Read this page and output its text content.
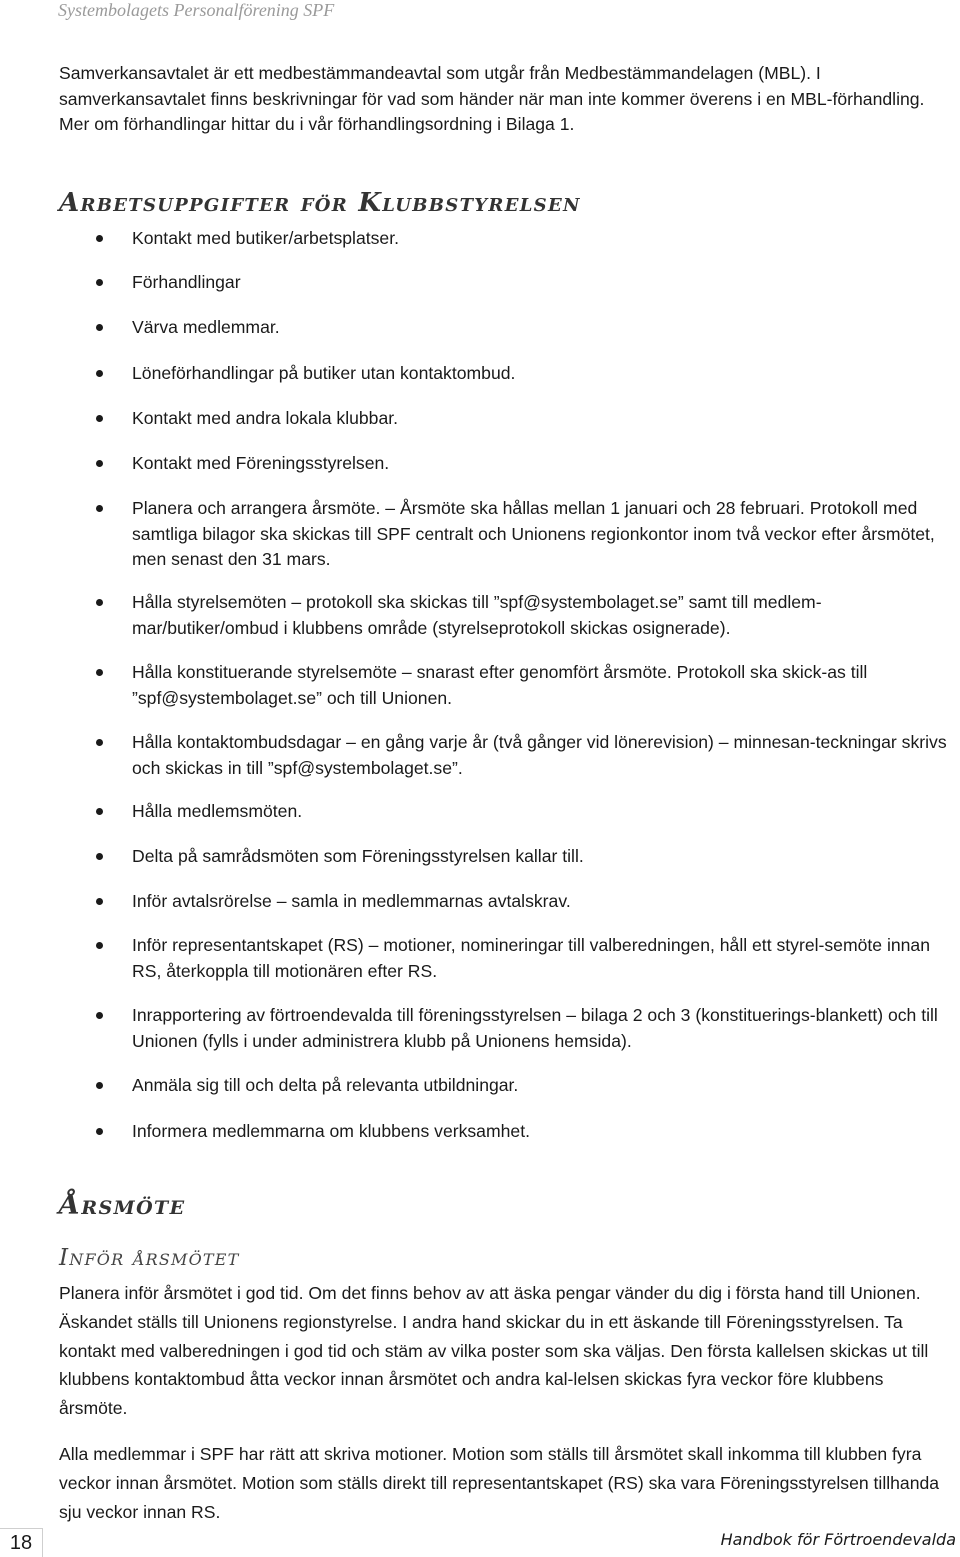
Systembolagets Personalförening SPF

Samverkansavtalet är ett medbestämmandeavtal som utgår från Medbestämmandelagen (MBL). I samverkansavtalet finns beskrivningar för vad som händer när man inte kommer överens i en MBL-förhandling. Mer om förhandlingar hittar du i vår förhandlingsordning i Bilaga 1.

Arbetsuppgifter för Klubbstyrelsen
Kontakt med butiker/arbetsplatser.
Förhandlingar
Värva medlemmar.
Löneförhandlingar på butiker utan kontaktombud.
Kontakt med andra lokala klubbar.
Kontakt med Föreningsstyrelsen.
Planera och arrangera årsmöte. – Årsmöte ska hållas mellan 1 januari och 28 februari. Protokoll med samtliga bilagor ska skickas till SPF centralt och Unionens regionkontor inom två veckor efter årsmötet, men senast den 31 mars.
Hålla styrelsemöten – protokoll ska skickas till ”spf@systembolaget.se” samt till medlem-mar/butiker/ombud i klubbens område (styrelseprotokoll skickas osignerade).
Hålla konstituerande styrelsemöte – snarast efter genomfört årsmöte. Protokoll ska skick-as till ”spf@systembolaget.se” och till Unionen.
Hålla kontaktombudsdagar – en gång varje år (två gånger vid lönerevision) – minnesan-teckningar skrivs och skickas in till ”spf@systembolaget.se”.
Hålla medlemsmöten.
Delta på samrådsmöten som Föreningsstyrelsen kallar till.
Inför avtalsrörelse – samla in medlemmarnas avtalskrav.
Inför representantskapet (RS) – motioner, nomineringar till valberedningen, håll ett styrel-semöte innan RS, återkoppla till motionären efter RS.
Inrapportering av förtroendevalda till föreningsstyrelsen – bilaga 2 och 3 (konstituerings-blankett) och till Unionen (fylls i under administrera klubb på Unionens hemsida).
Anmäla sig till och delta på relevanta utbildningar.
Informera medlemmarna om klubbens verksamhet.
Årsmöte
Inför årsmötet

Planera inför årsmötet i god tid. Om det finns behov av att äska pengar vänder du dig i första hand till Unionen. Äskandet ställs till Unionens regionstyrelse. I andra hand skickar du in ett äskande till Föreningsstyrelsen. Ta kontakt med valberedningen i god tid och stäm av vilka poster som ska väljas. Den första kallelsen skickas ut till klubbens kontaktombud åtta veckor innan årsmötet och andra kal-lelsen skickas fyra veckor före klubbens årsmöte.

Alla medlemmar i SPF har rätt att skriva motioner. Motion som ställs till årsmötet skall inkomma till klubben fyra veckor innan årsmötet. Motion som ställs direkt till representantskapet (RS) ska vara Föreningsstyrelsen tillhanda sju veckor innan RS.

18	Handbok för Förtroendevalda
